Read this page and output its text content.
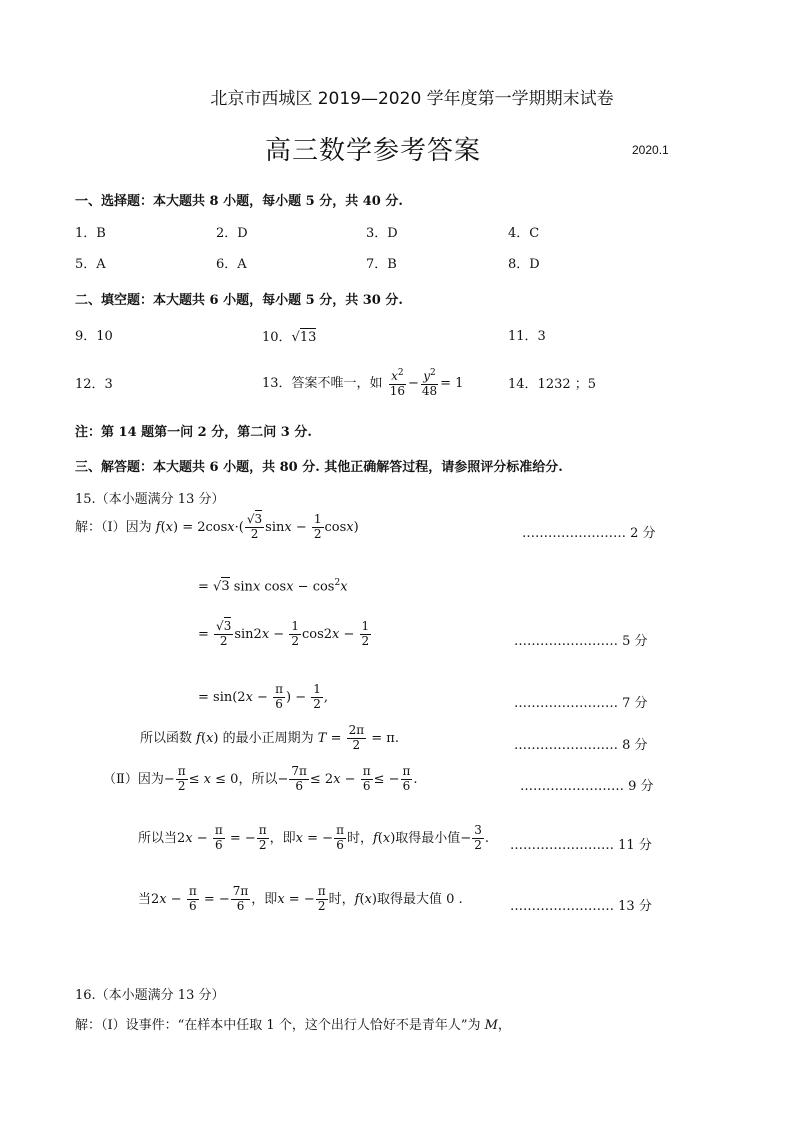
北京市西城区 2019—2020 学年度第一学期期末试卷
高三数学参考答案	2020.1
一、选择题：本大题共 8 小题，每小题 5 分，共 40 分.
1．B	2．D	3．D	4．C
5．A	6．A	7．B	8．D
二、填空题：本大题共 6 小题，每小题 5 分，共 30 分.
9．10	10．√13	11．3
12．3	13．答案不唯一，如 $\frac{x^2}{16} - \frac{y^2}{48} = 1$	14．1232 ；5
注：第 14 题第一问 2 分，第二问 3 分.
三、解答题：本大题共 6 小题，共 80 分. 其他正确解答过程，请参照评分标准给分.
15.（本小题满分 13 分）
解：（Ⅰ）因为 $f(x) = 2\cos x\cdot( \frac{√3}{2}$ $\sin x - \frac{1}{2} \cos x$)	…………………… 2 分
= √3 sinx $\cos x - \cos^2x$
= $\frac{√3}{2} \sin 2x - \frac{1}{2} \cos 2x - \frac{1}{2}$	…………………… 5 分
= $\sin(2x - \frac{\pi}{6}$ ) − $\frac{1}{2}$ ,	…………………… 7 分
所以函数 f(x) 的最小正周期为 $T = \frac{2\pi}{2} = \pi$.	…………………… 8 分
（Ⅱ）因为− $\frac{\pi}{2} \le x \le 0$，所以− $\frac{7\pi}{6} \le 2x - \frac{\pi}{6}$ ≤ − $\frac{\pi}{6}$ .	…………………… 9 分
所以当$2x - \frac{\pi}{6}$ = − $\frac{\pi}{2}$ ，即x = − $\frac{\pi}{6}$ 时，f(x)取得最小值− $\frac{3}{2}$ . …………………… 11 分
当$2x - \frac{\pi}{6}$ = − $\frac{7\pi}{6}$ ，即x = − $\frac{\pi}{2}$ 时，f(x)取得最大值 0 .	…………………… 13 分
16.（本小题满分 13 分）
解：（Ⅰ）设事件：“在样本中任取 1 个，这个出行人恰好不是青年人”为 M，
